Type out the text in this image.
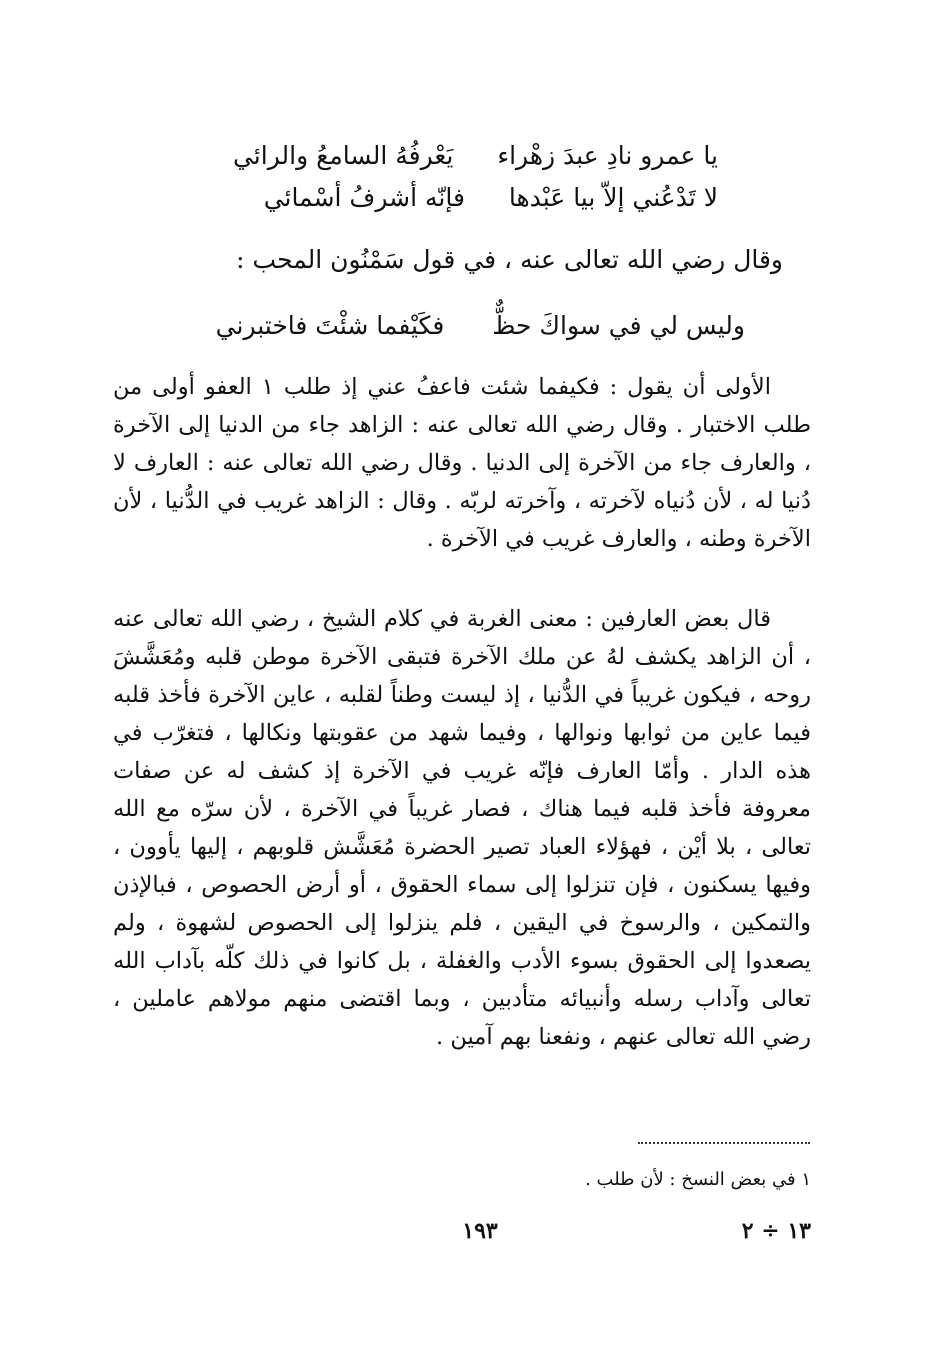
يا عمرو نادِ عبدَ زهْراء يَعْرفُهُ السامعُ والرائي
لا تَدْعُني إلاّ بيا عَبْدها فإنّه أشرفُ أسْمائي
وقال رضي الله تعالى عنه ، في قول سَمْنُون المحب :
وليس لي في سواكَ حظٌّ فكَيْفما شئْتَ فاختبرني
الأولى أن يقول : فكيفما شئت فاعفُ عني إذ طلب ١ العفو أولى من طلب الاختبار . وقال رضي الله تعالى عنه : الزاهد جاء من الدنيا إلى الآخرة ، والعارف جاء من الآخرة إلى الدنيا . وقال رضي الله تعالى عنه : العارف لا دُنيا له ، لأن دُنياه لآخرته ، وآخرته لربّه . وقال : الزاهد غريب في الدُّنيا ، لأن الآخرة وطنه ، والعارف غريب في الآخرة .
قال بعض العارفين : معنى الغربة في كلام الشيخ ، رضي الله تعالى عنه ، أن الزاهد يكشف لهُ عن ملك الآخرة فتبقى الآخرة موطن قلبه ومُعَشَّشَ روحه ، فيكون غريباً في الدُّنيا ، إذ ليست وطناً لقلبه ، عاين الآخرة فأخذ قلبه فيما عاين من ثوابها ونوالها ، وفيما شهد من عقوبتها ونكالها ، فتغرّب في هذه الدار . وأمّا العارف فإنّه غريب في الآخرة إذ كشف له عن صفات معروفة فأخذ قلبه فيما هناك ، فصار غريباً في الآخرة ، لأن سرّه مع الله تعالى ، بلا أيْن ، فهؤلاء العباد تصير الحضرة مُعَشَّش قلوبهم ، إليها يأوون ، وفيها يسكنون ، فإن تنزلوا إلى سماء الحقوق ، أو أرض الحصوص ، فبالإذن والتمكين ، والرسوخ في اليقين ، فلم ينزلوا إلى الحصوص لشهوة ، ولم يصعدوا إلى الحقوق بسوء الأدب والغفلة ، بل كانوا في ذلك كلّه بآداب الله تعالى وآداب رسله وأنبيائه متأدبين ، وبما اقتضى منهم مولاهم عاملين ، رضي الله تعالى عنهم ، ونفعنا بهم آمين .
١ في بعض النسخ : لأن طلب .
١٩٣	١٣ ÷ ٢
